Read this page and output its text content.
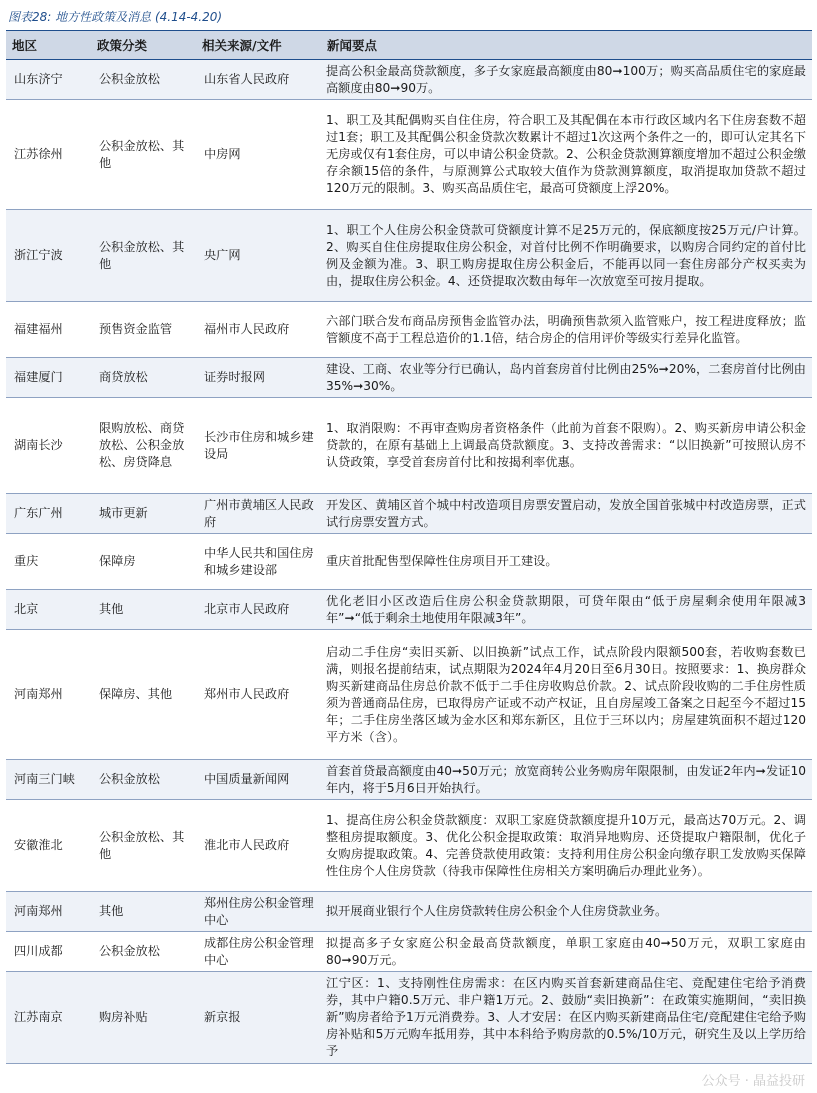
图表28: 地方性政策及消息 (4.14-4.20)
地区	政策分类	相关来源/文件	新闻要点
山东济宁	公积金放松	山东省人民政府	提高公积金最高贷款额度，多子女家庭最高额度由80➞100万；购买高品质住宅的家庭最高额度由80➞90万。
江苏徐州	公积金放松、其他	中房网	1、职工及其配偶购买自住住房，符合职工及其配偶在本市行政区域内名下住房套数不超过1套；职工及其配偶公积金贷款次数累计不超过1次这两个条件之一的，即可认定其名下无房或仅有1套住房，可以申请公积金贷款。2、公积金贷款测算额度增加不超过公积金缴存余额15倍的条件，与原测算公式取较大值作为贷款测算额度，取消提取加贷款不超过120万元的限制。3、购买高品质住宅，最高可贷额度上浮20%。
浙江宁波	公积金放松、其他	央广网	1、职工个人住房公积金贷款可贷额度计算不足25万元的，保底额度按25万元/户计算。2、购买自住住房提取住房公积金，对首付比例不作明确要求，以购房合同约定的首付比例及金额为准。3、职工购房提取住房公积金后，不能再以同一套住房部分产权买卖为由，提取住房公积金。4、还贷提取次数由每年一次放宽至可按月提取。
福建福州	预售资金监管	福州市人民政府	六部门联合发布商品房预售金监管办法，明确预售款须入监管账户，按工程进度释放；监管额度不高于工程总造价的1.1倍，结合房企的信用评价等级实行差异化监管。
福建厦门	商贷放松	证券时报网	建设、工商、农业等分行已确认，岛内首套房首付比例由25%➞20%，二套房首付比例由35%➞30%。
湖南长沙	限购放松、商贷放松、公积金放松、房贷降息	长沙市住房和城乡建设局	1、取消限购：不再审查购房者资格条件（此前为首套不限购）。2、购买新房申请公积金贷款的，在原有基础上上调最高贷款额度。3、支持改善需求：“以旧换新”可按照认房不认贷政策，享受首套房首付比和按揭利率优惠。
广东广州	城市更新	广州市黄埔区人民政府	开发区、黄埔区首个城中村改造项目房票安置启动，发放全国首张城中村改造房票，正式试行房票安置方式。
重庆	保障房	中华人民共和国住房和城乡建设部	重庆首批配售型保障性住房项目开工建设。
北京	其他	北京市人民政府	优化老旧小区改造后住房公积金贷款期限，可贷年限由“低于房屋剩余使用年限减3年”➞“低于剩余土地使用年限减3年”。
河南郑州	保障房、其他	郑州市人民政府	启动二手住房“卖旧买新、以旧换新”试点工作，试点阶段内限额500套，若收购套数已满，则报名提前结束，试点期限为2024年4月20日至6月30日。按照要求：1、换房群众购买新建商品住房总价款不低于二手住房收购总价款。2、试点阶段收购的二手住房性质须为普通商品住房，已取得房产证或不动产权证，且自房屋竣工备案之日起至今不超过15年；二手住房坐落区域为金水区和郑东新区，且位于三环以内；房屋建筑面积不超过120平方米（含）。
河南三门峡	公积金放松	中国质量新闻网	首套首贷最高额度由40➞50万元；放宽商转公业务购房年限限制，由发证2年内➞发证10年内，将于5月6日开始执行。
安徽淮北	公积金放松、其他	淮北市人民政府	1、提高住房公积金贷款额度：双职工家庭贷款额度提升10万元，最高达70万元。2、调整租房提取额度。3、优化公积金提取政策：取消异地购房、还贷提取户籍限制，优化子女购房提取政策。4、完善贷款使用政策：支持利用住房公积金向缴存职工发放购买保障性住房个人住房贷款（待我市保障性住房相关方案明确后办理此业务）。
河南郑州	其他	郑州住房公积金管理中心	拟开展商业银行个人住房贷款转住房公积金个人住房贷款业务。
四川成都	公积金放松	成都住房公积金管理中心	拟提高多子女家庭公积金最高贷款额度，单职工家庭由40➞50万元，双职工家庭由80➞90万元。
江苏南京	购房补贴	新京报	江宁区：1、支持刚性住房需求：在区内购买首套新建商品住宅、竞配建住宅给予消费券，其中户籍0.5万元、非户籍1万元。2、鼓励“卖旧换新”：在政策实施期间，“卖旧换新”购房者给予1万元消费券。3、人才安居：在区内购买新建商品住宅/竞配建住宅给予购房补贴和5万元购车抵用券，其中本科给予购房款的0.5%/10万元，研究生及以上学历给予
公众号 · 晶益投研
